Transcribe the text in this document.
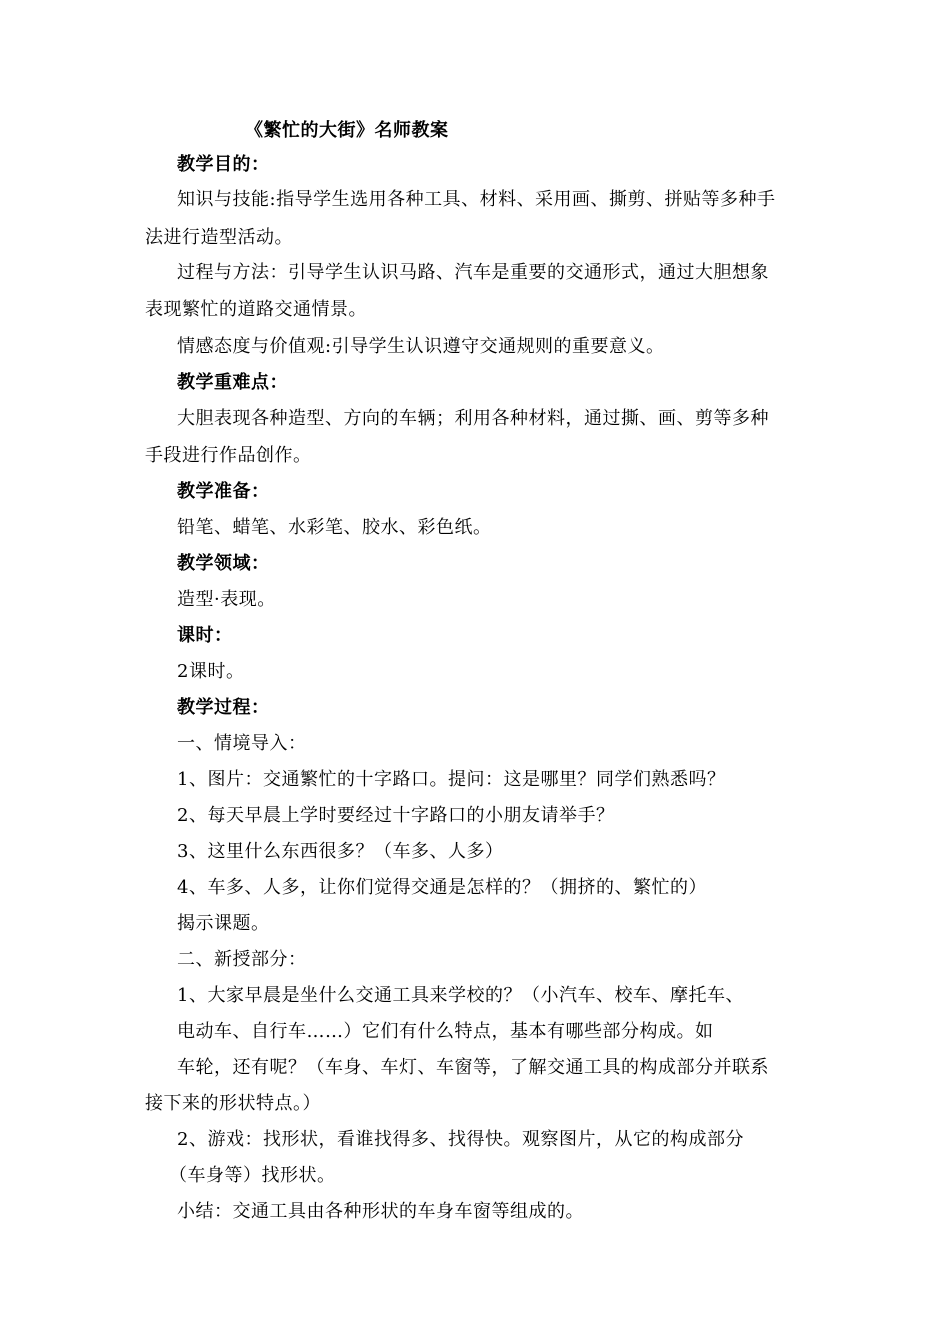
《繁忙的大街》名师教案
教学目的：
知识与技能:指导学生选用各种工具、材料、采用画、撕剪、拼贴等多种手
法进行造型活动。
过程与方法：引导学生认识马路、汽车是重要的交通形式，通过大胆想象
表现繁忙的道路交通情景。
情感态度与价值观:引导学生认识遵守交通规则的重要意义。
教学重难点：
大胆表现各种造型、方向的车辆；利用各种材料，通过撕、画、剪等多种
手段进行作品创作。
教学准备：
铅笔、蜡笔、水彩笔、胶水、彩色纸。
教学领域：
造型·表现。
课时：
2课时。
教学过程：
一、情境导入：
1、图片：交通繁忙的十字路口。提问：这是哪里？同学们熟悉吗？
2、每天早晨上学时要经过十字路口的小朋友请举手？
3、这里什么东西很多？（车多、人多）
4、车多、人多，让你们觉得交通是怎样的？（拥挤的、繁忙的）
揭示课题。
二、新授部分：
1、大家早晨是坐什么交通工具来学校的？（小汽车、校车、摩托车、
电动车、自行车……）它们有什么特点，基本有哪些部分构成。如
车轮，还有呢？（车身、车灯、车窗等，了解交通工具的构成部分并联系
接下来的形状特点。）
2、游戏：找形状，看谁找得多、找得快。观察图片，从它的构成部分
（车身等）找形状。
小结：交通工具由各种形状的车身车窗等组成的。
